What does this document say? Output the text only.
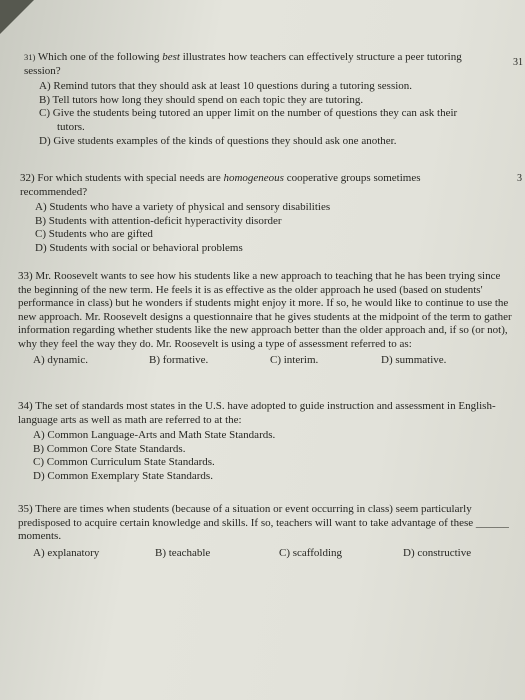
31
3

31) Which one of the following best illustrates how teachers can effectively structure a peer tutoring session?

A) Remind tutors that they should ask at least 10 questions during a tutoring session.

B) Tell tutors how long they should spend on each topic they are tutoring.

C) Give the students being tutored an upper limit on the number of questions they can ask their

tutors.

D) Give students examples of the kinds of questions they should ask one another.

32) For which students with special needs are homogeneous cooperative groups sometimes recommended?

A) Students who have a variety of physical and sensory disabilities

B) Students with attention-deficit hyperactivity disorder

C) Students who are gifted

D) Students with social or behavioral problems

33) Mr. Roosevelt wants to see how his students like a new approach to teaching that he has been trying since the beginning of the new term. He feels it is as effective as the older approach he used (based on students' performance in class) but he wonders if students might enjoy it more. If so, he would like to continue to use the new approach. Mr. Roosevelt designs a questionnaire that he gives students at the midpoint of the term to gather information regarding whether students like the new approach better than the older approach and, if so (or not), why they feel the way they do. Mr. Roosevelt is using a type of assessment referred to as:

A) dynamic.	B) formative.	C) interim.	D) summative.

34) The set of standards most states in the U.S. have adopted to guide instruction and assessment in English-language arts as well as math are referred to at the:

A) Common Language-Arts and Math State Standards.

B) Common Core State Standards.

C) Common Curriculum State Standards.

D) Common Exemplary State Standards.

35) There are times when students (because of a situation or event occurring in class) seem particularly predisposed to acquire certain knowledge and skills. If so, teachers will want to take advantage of these ______ moments.

A) explanatory	B) teachable	C) scaffolding	D) constructive
